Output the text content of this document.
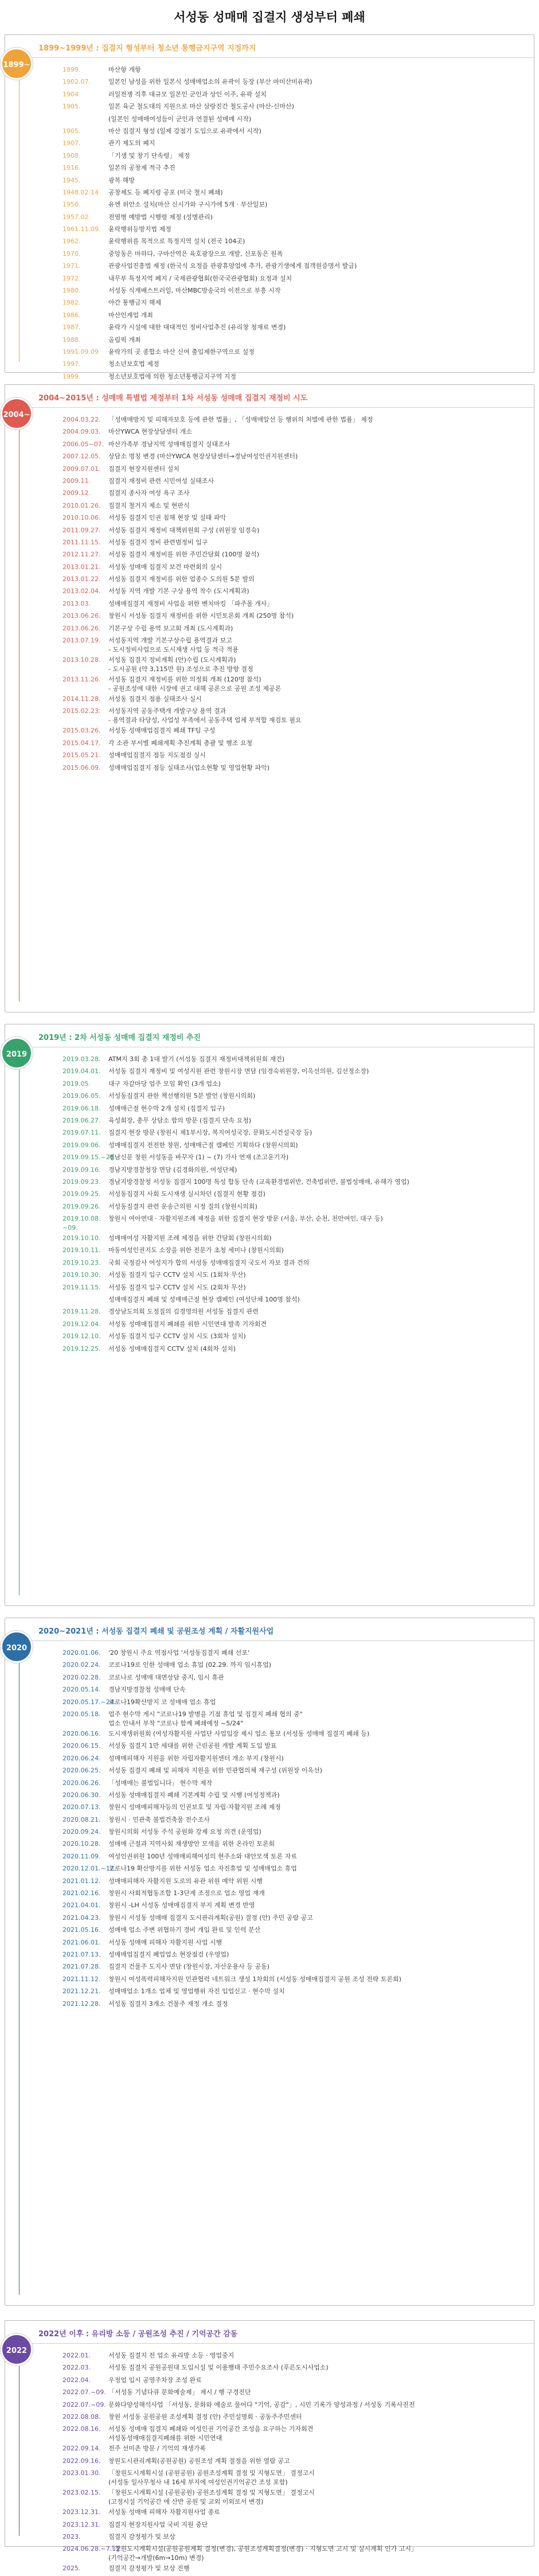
서성동 성매매 집결지 생성부터 폐쇄
1899~1999년 : 집결지 형성부터 청소년 통행금지구역 지정까지
1899~
1899.	마산항 개항
1902.07.	일본인 남성을 위한 일본식 성매매업소의 유곽이 등장 (부산 마미산미유곽)
1904.	러일전쟁 직후 대규모 일본인 군인과 상인 이주, 유곽 설치
1905.	일본 육군 철도대의 지원으로 마산 삼랑진간 철도공사 (마산-신마산)
(일본인 성매매여성들이 군인과 연결된 성매매 시작)
1905.	마산 집결지 형성 (일제 강점기 도입으로 유곽에서 시작)
1907.	관기 제도의 폐지
1908.	「기생 및 창기 단속령」 제정
1916.	일본의 공창제 적극 추진
1945.	광복 해방
1948.02.14	공창제도 등 폐지령 공포 (미국 철시 폐쇄)
1950.	유엔 위안소 설치(마산 신시가와 구시가에 5개 · 부산일보)
1957.02.	전염병 예방법 시행령 제정 (성병관리)
1961.11.09. 윤락행위등방지법 제정
1962.	윤락행위를 목적으로 특정지역 설치 (전국 104곳)
1970.	중앙동은 마하다, 구마산역은 육호광장으로 개발, 신포동은 원폭
1971.	관광사업진흥법 제정 (한국식 요정을 관광휴양업에 추가, 관광기생에게 접객원증명서 발급)
1972.	내무부 특정지역 폐지 / 국제관광협회(한국국관광협회) 요정과 설치
1980.	서성동 식재배스트러일, 마산MBC방송국의 이전으로 부흥 시작
1982.	야간 통행금지 해제
1986.	마산인계업 개최
1987.	윤락가 시설에 대한 대대적인 정비사업추진 (유리창 청재료 변경)
1988.	올림픽 개최
1991.09.09	윤락가의 곳 종합소 마산 신여 출입제한구역으로 설정
1997.	청소년보호법 제정
1999.	청소년보호법에 의한 청소년통행금지구역 지정
2004~2015년 : 성매매 특별법 제정부터 1차 서성동 성매매 집결지 재정비 시도
2004~
2004.03.22. 「성매매방지 및 피해자보호 등에 관한 법률」, 「성매매알선 등 행위의 처벌에 관한 법률」 제정
2004.09.03. 마산YWCA 현장상담센터 개소
2006.05~07. 마산가족부 경남지역 성매매집결지 실태조사
2007.12.05. 상담소 명칭 변경 (마산YWCA 현장상담센터→경남여성인권지원센터)
2009.07.01. 집결지 현장지원센터 설치
2009.11.	집결지 재정비 관련 시민여성 실태조사
2009.12.	집결지 종사자 여성 욕구 조사
2010.01.26. 집결지 철거지 제소 및 현판식
2010.10.06. 서성동 집결지 인권 침해 현장 및 실태 파악
2011.09.27. 서성동 집결지 재정비 대책위원회 구성 (위원장 임경숙)
2011.11.15. 서성동 집결지 정비 관련범정비 입구
2012.11.27. 서성동 집결지 재정비를 위한 주민간담회 (100명 참석)
2013.01.21. 서성동 성매매 집결지 보건 마련회의 실시
2013.01.22. 서성동 집결지 재정비를 위한 업종수 도의원 5분 발의
2013.02.04. 서성동 지역 개발 기본 구상 용역 착수 (도시계획과)
2013.03.	성매매집결지 재정비 사업을 위한 벤치마킹 「파주몰 개사」
2013.06.26. 창원시 서성동 집결지 재정비를 위한 시민토론회 개최 (250명 참석)
2013.06.26. 기본구상 수립 용역 보고회 개최 (도시계획과)
2013.07.19. 서성동지역 개발 기본구상수립 용역결과 보고
- 도시정비사업으로 도시재생 사업 등 적극 적용
2013.10.28. 서성동 집결지 정비계획 (안)수립 (도시계획과)
- 도시공원 (약 3,115만 원) 조성으로 추진 방향 결정
2013.11.26. 서성동 집결지 재정비를 위한 의정회 개최 (120명 참석)
- 공원조성에 대한 시장에 권고 대해 공론으로 공원 조성 제공론
2014.11.28. 서성동 집결지 점용 실태조사 실시
2015.02.23. 서성동지역 공동주택개 개발구상 용역 결과
- 용역결과 타당성, 사업성 부족에서 공동주택 업체 부적합 재검토 필요
2015.03.26. 서성동 성매매업집결지 폐쇄 TF팀 구성
2015.04.17. 각 소관 부서별 폐쇄계획 추진계획 총괄 및 행조 요청
2015.05.21. 성매매업집결지 점등 지도점검 실시
2015.06.09. 성매매업집결지 점등 실태조사(업소현황 및 영업현황 파악)
2019년 : 2차 서성동 성매매 집결지 재정비 추진
2019
2019.03.28. ATM지 3회 총 1대 발기 (서성동 집결지 재정비대책위원회 재건)
2019.04.01. 서성동 집결지 재정비 및 여성지원 관련 창원시장 면담 (임경숙위원장, 이옥선의원, 김선정소장)
2019.05.	대구 자갈마당 업주 모임 확인 (3개 업소)
2019.06.05. 서성동집결지 관한 책선행의원 5분 발언 (창원시의회)
2019.06.18. 성매매근절 현수막 2개 설치 (집결지 입구)
2019.06.27. 육성회장, 총무 상담소 함의 방문 (집결지 단속 요청)
2019.07.11. 집결지 현장 방문 (창원시 제1부시장, 복지여성국장, 문화도시건설국장 등)
2019.09.06. 성매매집결지 전전한 창원, 성매매근절 캠페인 기획하다 (창원시의회)
2019.09.15.~26.
경남신문 창원 서성동을 바꾸자 (1) ~ (7) 가사 연재 (조고운기자)
2019.09.16. 경남지방경찰청장 면담 (김경화의원, 여성단체)
2019.09.23. 경남지방경찰청 서성동 집결지 100명 특성 합동 단속 (교육환경법위반, 건축법위반, 불법성매매, 유해가 영업)
2019.09.25. 서성동집결지 사회 도시재생 실시차던 (집결지 현황 점검)
2019.09.26. 서성동집결지 관련 운송근의원 시정 질의 (창원시의회)
2019.10.08. ~09.
창원시 여아연대 · 자활지원조례 제정을 위한 집결지 현장 방문 (서울, 부산, 순천, 천안여인, 대구 등)
2019.10.10. 성매매여성 자활지원 조례 제정을 위한 간담회 (창원시의회)
2019.10.11. 마동여성인권지도 소장을 위한 전문가 초청 세미나 (창원시의회)
2019.10.23. 국회 국정감사 여성지가 합의 서성동 성매매집결지 국도서 자보 결과 건의
2019.10.30. 서성동 집결지 입구 CCTV 설치 시도 (1회차 무산)
2019.11.15. 서성동 집결지 입구 CCTV 설치 시도 (2회차 무산)
성매매집결지 폐쇄 및 성매매근절 현장 캠페인 (여성단체 100명 참석)
2019.11.28. 경상남도의회 도정질의 김경영의원 서성동 집결지 관련
2019.12.04. 서성동 성매매집결지 폐쇄를 위한 시민연대 발족 기자회견
2019.12.10. 서성동 집결지 입구 CCTV 설치 시도 (3회차 설치)
2019.12.25. 서성동 성매매집결지 CCTV 설치 (4회차 설치)
2020~2021년 : 서성동 집결지 폐쇄 및 공원조성 계획 / 자활지원사업
2020
2020.01.06. '20 창원시 주요 역점사업 '서성동집결지 폐쇄 선포'
2020.02.24. 코로나19로 인한 성매매 업소 휴업 (02.29. 까지 임시휴업)
2020.02.28. 코로나로 성매매 대면상담 중지, 임시 휴관
2020.05.14. 경남지방경찰청 성매매 단속
2020.05.17.~24.
코로나19확산방지 코 성매매 업소 휴업
2020.05.18. 업주 현수막 게시 "코로나19 발병을 기점 휴업 및 집결지 폐쇄 협의 중"
업소 안내서 부착 "코로나 함께 폐쇄예정 ~5/24"
2020.06.16. 도시재생위원회 (여성자활지원 사업단 사업입장 제시 업소 통보 (서성동 성매매 집결지 폐쇄 등)
2020.06.15. 서성동 집결지 1만 세대를 위한 근린공원 개발 계획 도입 발표
2020.06.24. 성매매피해자 지원을 위한 자립자활지원센터 개소 부지 (창원시)
2020.06.25. 서성동 집결지 폐쇄 및 피해자 지원을 위한 민관협의체 재구성 (위원장 이옥선)
2020.06.26. 「성매매는 불법입니다」 현수막 제작
2020.06.30. 서성동 성매매집결지 폐쇄 기본계획 수립 및 시행 (여성정책과)
2020.07.13. 창원시 성매매피해자등의 인권보호 및 자립·자활지원 조례 제정
2020.08.21. 창원시 · 민관축 불법건축물 전수조사
2020.09.24. 창원시의회 서성동 주석 공원화 강제 요청 의견 (운영업)
2020.10.28. 성매매 근절과 지역사회 재생방안 모색을 위한 온라인 토론회
2020.11.09. 여성인권위원 100년 성매매피해여성의 현주소와 대안모색 토론 자료
2020.12.01.~12.
코로나19 확산방지를 위한 서성동 업소 자진휴업 및 성매매업소 휴업
2021.01.12. 성매매피해자 자활지원 도로의 유관 위원 예약 위원 시행
2021.02.16. 창원시 사회적협동조합 1-3단계 조정으로 업소 영업 재개
2021.04.01. 창원시 -LH 서성동 성매매집결지 부지 계획 변경 반영
2021.04.23. 창원시 서성동 성매매 집결지 도시관리계획(공원) 결정 (안) 주민 공람 공고
2021.05.16. 성매매 업소 주변 위협하기 경비 개입 완료 및 인력 분산
2021.06.01. 서성동 성매매 피해자 자활지원 사업 시행
2021.07.13. 성매매업집결지 폐업업소 현장점검 (우영업)
2021.07.28. 집결지 건물주 도지사 면담 (창원시장, 자산운용사 등 공동)
2021.11.12. 창원시 여성폭력피해자지원 민관협력 네트워크 생성 1차회의 (서성동 성매매집결지 공원 조성 전략 토론회)
2021.12.21. 성매매업소 1개소 업체 및 영업행위 자진 입업신고 · 현수막 설치
2021.12.28. 서성동 집결지 3개소 건물주 재정 개소 결정
2022년 이후 : 유리방 소등 / 공원조성 추진 / 기억공간 감동
2022
2022.01.	서성동 집결지 전 업소 유리방 소등 · 영업중지
2022.03.	서성동 집결지 공원공원대 도입시설 및 이용행태 주민수요조사 (푸른도시사업소)
2022.04.	우정업 입시 공영주차장 조성 완료
2022.07.~09. 「서성동 기념다큐 문화예술제」 제시 / 행 구경진단
2022.07.~09. 문화다양성해석사업 「서성동, 문화와 예술로 물어다 "기억, 공감"」, 시민 기록가 양성과정 / 서성동 기록사진전
2022.08.08. 창원 서성동 공원공원 조성계획 결정 (안) 주민설명회 · 공동주주민센터
2022.08.16. 서성동 성매매 집결지 폐쇄와 여성인권 기억공간 조성을 요구하는 기자회견
서성동성매매집결지폐쇄를 위한 시민연대
2022.09.14. 전주 선미촌 방문 / 기억의 재생가록
2022.09.16. 창원도시관리계획(공원공원) 공원조성 계획 결정을 위한 열람 공고
2023.01.30. 「창원도시계획시설 (공원공원) 공원조성계획 결정 및 지형도면」 결정고시
(서성동 일사무청사 내 16세 부지에 여성인권기억공간 조성 포함)
2023.02.15. 「창원도시계획시설 (공원공원) 공원조성계획 결정 및 지형도면」 결정고시
(고정시설 기억공간 에 산반 공원 및 교외 이외로서 변경)
2023.12.31. 서성동 성매매 피해자 자활지원사업 종료
2023.12.31. 집결지 현장지원사업 국비 지원 중단
2023.	집결지 감정평가 및 보상
2024.06.28.~7.12.
「창원도시계획시설(공원공원계획 결정(변경), 공원조성계획결정(변경) · 지형도면 고시 및 실시계획 인가 고시」
(기억공간→개발(6m→10m) 변경)
2025.	집결지 감정평가 및 보상 진행
